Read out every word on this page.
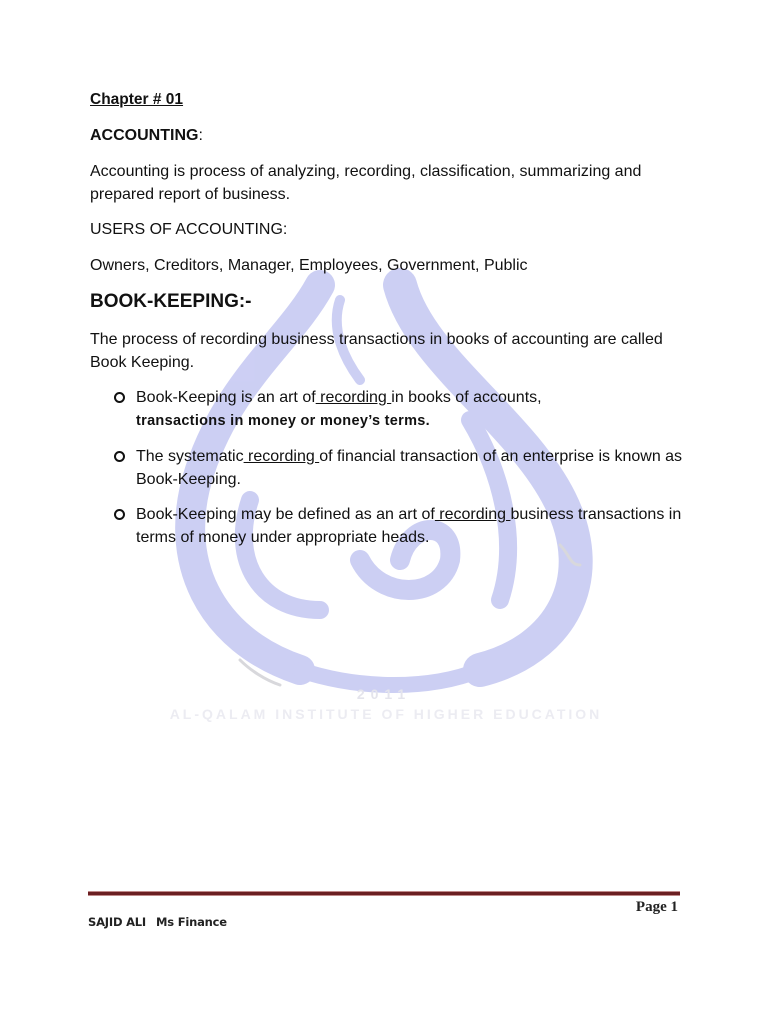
2011
AL-QALAM INSTITUTE OF HIGHER EDUCATION
Chapter # 01
ACCOUNTING:
Accounting is process of analyzing, recording, classification, summarizing and prepared report of business.
USERS OF ACCOUNTING:
Owners, Creditors, Manager, Employees, Government, Public
BOOK-KEEPING:-
The process of recording business transactions in books of accounting are called Book Keeping.
Book-Keeping is an art of recording in books of accounts,
transactions in money or money’s terms.
The systematic recording of financial transaction of an enterprise is known as Book-Keeping.
Book-Keeping may be defined as an art of recording business transactions in terms of money under appropriate heads.
Page 1
SAJID ALI Ms Finance
